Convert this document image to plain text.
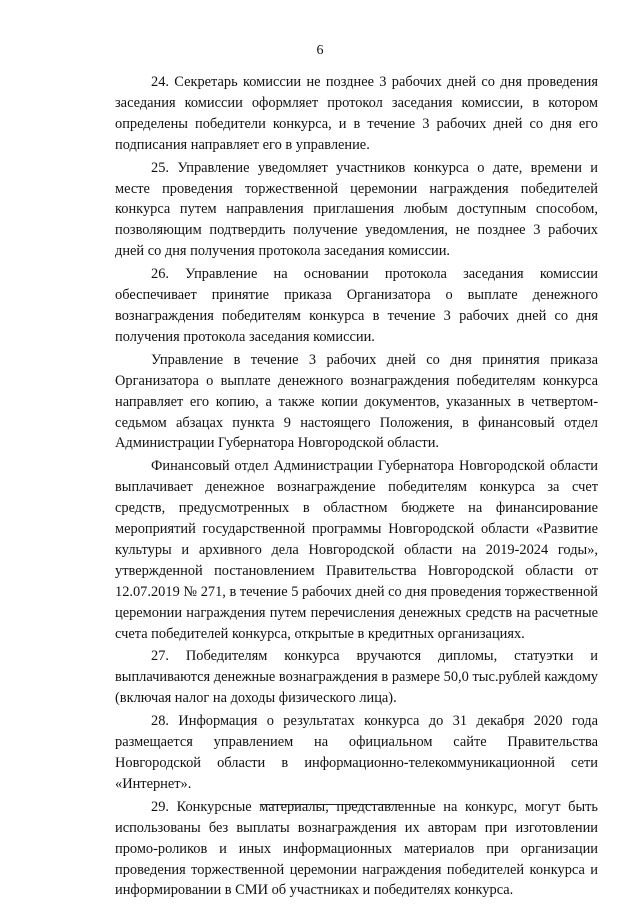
6

24. Секретарь комиссии не позднее 3 рабочих дней со дня проведения заседания комиссии оформляет протокол заседания комиссии, в котором определены победители конкурса, и в течение 3 рабочих дней со дня его подписания направляет его в управление.

25. Управление уведомляет участников конкурса о дате, времени и месте проведения торжественной церемонии награждения победителей конкурса путем направления приглашения любым доступным способом, позволяющим подтвердить получение уведомления, не позднее 3 рабочих дней со дня получения протокола заседания комиссии.

26. Управление на основании протокола заседания комиссии обеспечивает принятие приказа Организатора о выплате денежного вознаграждения победителям конкурса в течение 3 рабочих дней со дня получения протокола заседания комиссии.

Управление в течение 3 рабочих дней со дня принятия приказа Организатора о выплате денежного вознаграждения победителям конкурса направляет его копию, а также копии документов, указанных в четвертом-седьмом абзацах пункта 9 настоящего Положения, в финансовый отдел Администрации Губернатора Новгородской области.

Финансовый отдел Администрации Губернатора Новгородской области выплачивает денежное вознаграждение победителям конкурса за счет средств, предусмотренных в областном бюджете на финансирование мероприятий государственной программы Новгородской области «Развитие культуры и архивного дела Новгородской области на 2019-2024 годы», утвержденной постановлением Правительства Новгородской области от 12.07.2019 № 271, в течение 5 рабочих дней со дня проведения торжественной церемонии награждения путем перечисления денежных средств на расчетные счета победителей конкурса, открытые в кредитных организациях.

27. Победителям конкурса вручаются дипломы, статуэтки и выплачиваются денежные вознаграждения в размере 50,0 тыс.рублей каждому (включая налог на доходы физического лица).

28. Информация о результатах конкурса до 31 декабря 2020 года размещается управлением на официальном сайте Правительства Новгородской области в информационно-телекоммуникационной сети «Интернет».

29. Конкурсные материалы, представленные на конкурс, могут быть использованы без выплаты вознаграждения их авторам при изготовлении промо-роликов и иных информационных материалов при организации проведения торжественной церемонии награждения победителей конкурса и информировании в СМИ об участниках и победителях конкурса.
